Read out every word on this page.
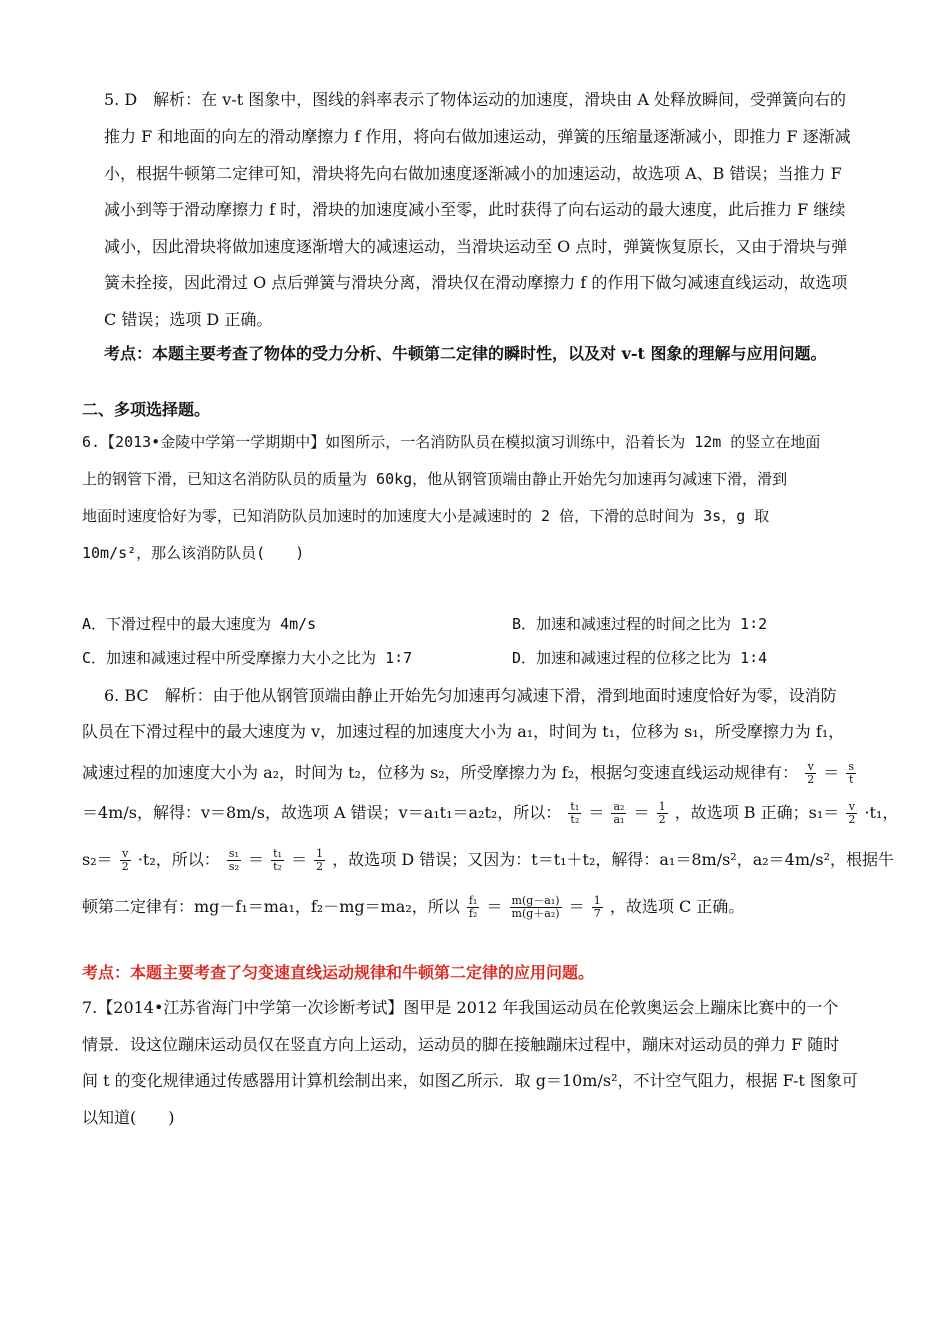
5. D　解析：在 v-t 图象中，图线的斜率表示了物体运动的加速度，滑块由 A 处释放瞬间，受弹簧向右的
推力 F 和地面的向左的滑动摩擦力 f 作用，将向右做加速运动，弹簧的压缩量逐渐减小，即推力 F 逐渐减
小，根据牛顿第二定律可知，滑块将先向右做加速度逐渐减小的加速运动，故选项 A、B 错误；当推力 F
减小到等于滑动摩擦力 f 时，滑块的加速度减小至零，此时获得了向右运动的最大速度，此后推力 F 继续
减小，因此滑块将做加速度逐渐增大的减速运动，当滑块运动至 O 点时，弹簧恢复原长，又由于滑块与弹
簧未拴接，因此滑过 O 点后弹簧与滑块分离，滑块仅在滑动摩擦力 f 的作用下做匀减速直线运动，故选项
C 错误；选项 D 正确。
考点：本题主要考查了物体的受力分析、牛顿第二定律的瞬时性，以及对 v-t 图象的理解与应用问题。
二、多项选择题。
6.【2013•金陵中学第一学期期中】如图所示，一名消防队员在模拟演习训练中，沿着长为 12m 的竖立在地面
上的钢管下滑，已知这名消防队员的质量为 60kg，他从钢管顶端由静止开始先匀加速再匀减速下滑，滑到
地面时速度恰好为零，已知消防队员加速时的加速度大小是减速时的 2 倍，下滑的总时间为 3s，g 取
10m/s²，那么该消防队员(　　)
A．下滑过程中的最大速度为 4m/s	B．加速和减速过程的时间之比为 1∶2
C．加速和减速过程中所受摩擦力大小之比为 1∶7	D．加速和减速过程的位移之比为 1∶4
6. BC　解析：由于他从钢管顶端由静止开始先匀加速再匀减速下滑，滑到地面时速度恰好为零，设消防
队员在下滑过程中的最大速度为 v，加速过程的加速度大小为 a₁，时间为 t₁，位移为 s₁，所受摩擦力为 f₁，
减速过程的加速度大小为 a₂，时间为 t₂，位移为 s₂，所受摩擦力为 f₂，根据匀变速直线运动规律有： $\frac{v}{2} = \frac{s}{t}$
＝4m/s，解得：v＝8m/s，故选项 A 错误；v＝a₁t₁＝a₂t₂，所以： $\frac{\text{t₁}}{\text{t₂}} = \frac{\text{a₂}}{\text{a₁}} = \frac{1}{2}$ ，故选项 B 正确；$s_1= \frac{v}{2} \cdot t_1$，
$s_2= \frac{v}{2} \cdot t_2$，所以： $\frac{\text{s₁}}{\text{s₂}} = \frac{\text{t₁}}{\text{t₂}} = \frac{1}{2}$ ，故选项 D 错误；又因为：t＝t₁＋t₂，解得：a₁＝8m/s²，a₂＝4m/s²，根据牛
顿第二定律有：mg－f₁＝ma₁，f₂－mg＝ma₂，所以 $\frac{\text{f₁}}{\text{f₂}} = \frac{\text{m(g－a₁)}}{\text{m(g＋a₂)}} = \frac{1}{7}$ ，故选项 C 正确。
考点：本题主要考查了匀变速直线运动规律和牛顿第二定律的应用问题。
7.【2014•江苏省海门中学第一次诊断考试】图甲是 2012 年我国运动员在伦敦奥运会上蹦床比赛中的一个
情景．设这位蹦床运动员仅在竖直方向上运动，运动员的脚在接触蹦床过程中，蹦床对运动员的弹力 F 随时
间 t 的变化规律通过传感器用计算机绘制出来，如图乙所示．取 g＝10m/s²，不计空气阻力，根据 F-t 图象可
以知道(　　)
